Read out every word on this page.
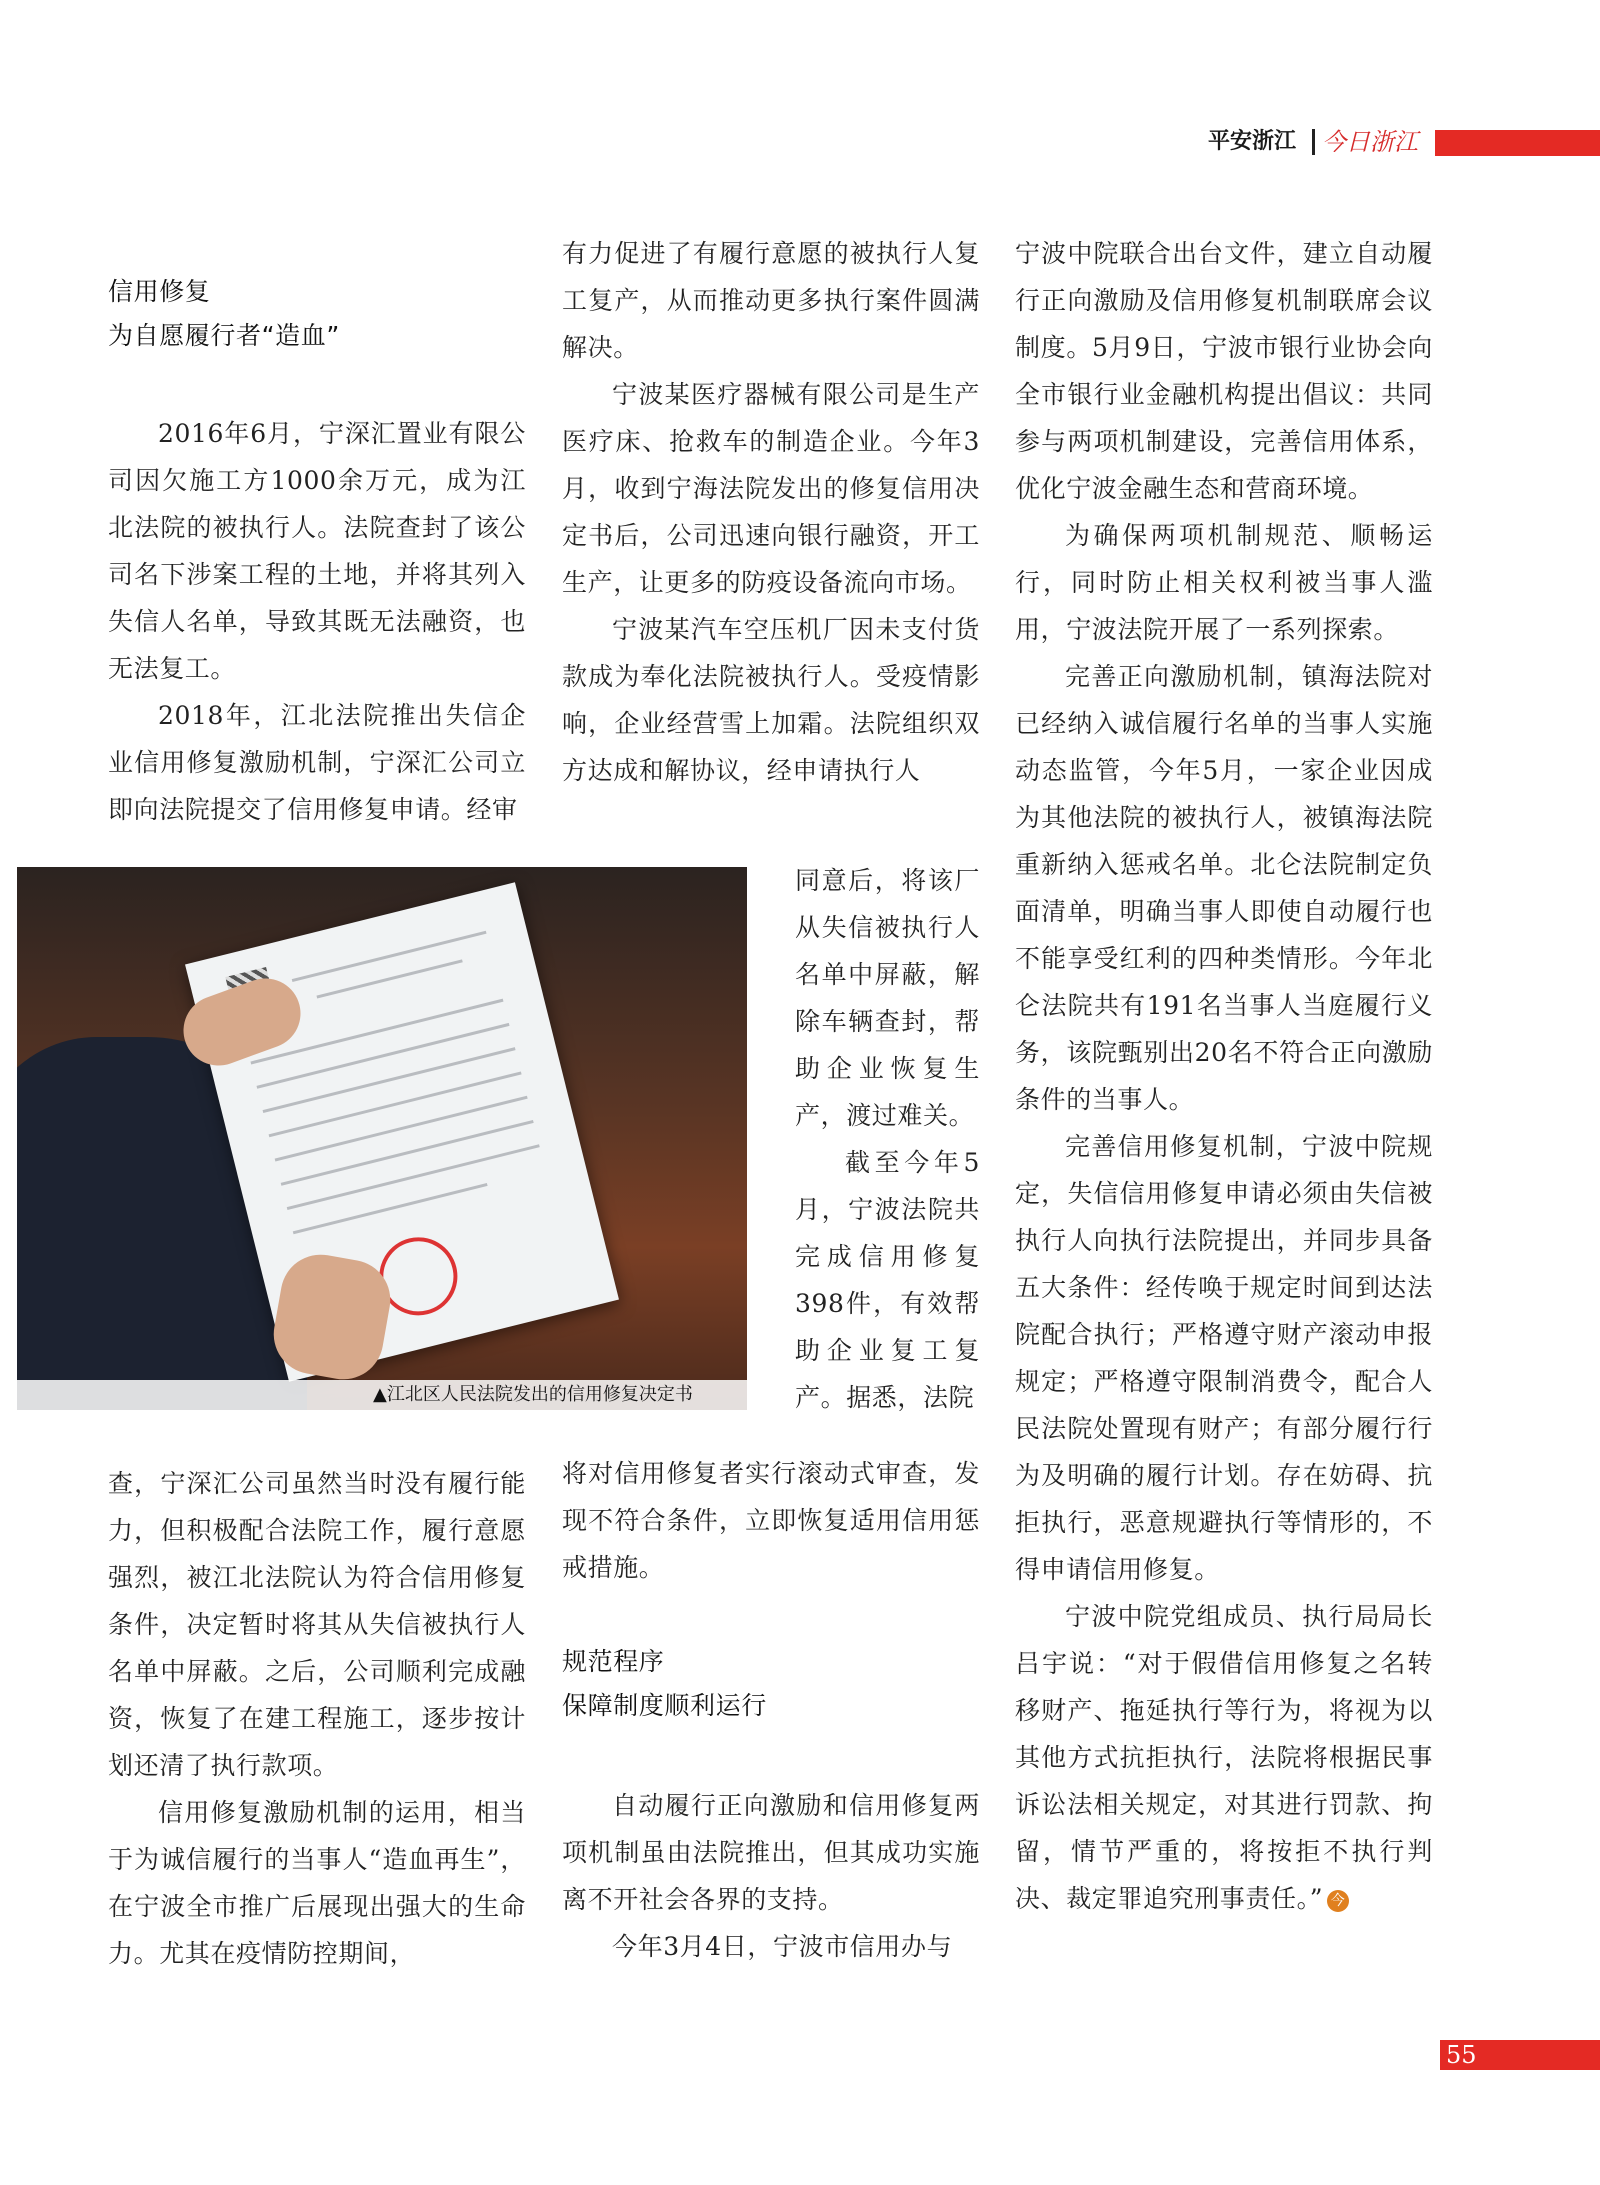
平安浙江 今日浙江
信用修复
为自愿履行者“造血”

2016年6月，宁深汇置业有限公司因欠施工方1000余万元，成为江北法院的被执行人。法院查封了该公司名下涉案工程的土地，并将其列入失信人名单，导致其既无法融资，也无法复工。

2018年，江北法院推出失信企业信用修复激励机制，宁深汇公司立即向法院提交了信用修复申请。经审

▲江北区人民法院发出的信用修复决定书

查，宁深汇公司虽然当时没有履行能力，但积极配合法院工作，履行意愿强烈，被江北法院认为符合信用修复条件，决定暂时将其从失信被执行人名单中屏蔽。之后，公司顺利完成融资，恢复了在建工程施工，逐步按计划还清了执行款项。

信用修复激励机制的运用，相当于为诚信履行的当事人“造血再生”，在宁波全市推广后展现出强大的生命力。尤其在疫情防控期间，

有力促进了有履行意愿的被执行人复工复产，从而推动更多执行案件圆满解决。

宁波某医疗器械有限公司是生产医疗床、抢救车的制造企业。今年3月，收到宁海法院发出的修复信用决定书后，公司迅速向银行融资，开工生产，让更多的防疫设备流向市场。

宁波某汽车空压机厂因未支付货款成为奉化法院被执行人。受疫情影响，企业经营雪上加霜。法院组织双方达成和解协议，经申请执行人

同意后，将该厂从失信被执行人名单中屏蔽，解除车辆查封，帮助企业恢复生产，渡过难关。

截至今年5月，宁波法院共完成信用修复398件，有效帮助企业复工复产。据悉，法院

将对信用修复者实行滚动式审查，发现不符合条件，立即恢复适用信用惩戒措施。

规范程序
保障制度顺利运行

自动履行正向激励和信用修复两项机制虽由法院推出，但其成功实施离不开社会各界的支持。

今年3月4日，宁波市信用办与

宁波中院联合出台文件，建立自动履行正向激励及信用修复机制联席会议制度。5月9日，宁波市银行业协会向全市银行业金融机构提出倡议：共同参与两项机制建设，完善信用体系，优化宁波金融生态和营商环境。

为确保两项机制规范、顺畅运行，同时防止相关权利被当事人滥用，宁波法院开展了一系列探索。

完善正向激励机制，镇海法院对已经纳入诚信履行名单的当事人实施动态监管，今年5月，一家企业因成为其他法院的被执行人，被镇海法院重新纳入惩戒名单。北仑法院制定负面清单，明确当事人即使自动履行也不能享受红利的四种类情形。今年北仑法院共有191名当事人当庭履行义务，该院甄别出20名不符合正向激励条件的当事人。

完善信用修复机制，宁波中院规定，失信信用修复申请必须由失信被执行人向执行法院提出，并同步具备五大条件：经传唤于规定时间到达法院配合执行；严格遵守财产滚动申报规定；严格遵守限制消费令，配合人民法院处置现有财产；有部分履行行为及明确的履行计划。存在妨碍、抗拒执行，恶意规避执行等情形的，不得申请信用修复。

宁波中院党组成员、执行局局长吕宇说：“对于假借信用修复之名转移财产、拖延执行等行为，将视为以其他方式抗拒执行，法院将根据民事诉讼法相关规定，对其进行罚款、拘留，情节严重的，将按拒不执行判决、裁定罪追究刑事责任。” 今

55
